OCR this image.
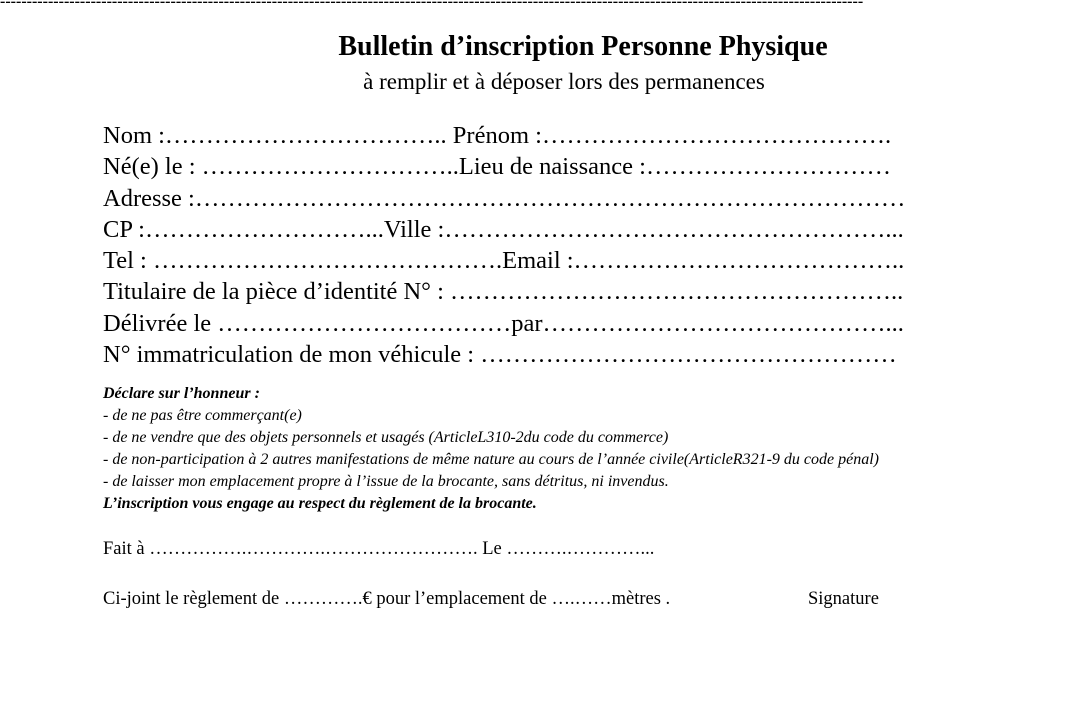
------------------------------------------------------------------------------------------------------------------------------------------------------------------
Bulletin d’inscription Personne Physique
à remplir et à déposer lors des permanences
Nom :…………………………….. Prénom :…………………………………….
Né(e) le : …………………………..Lieu de naissance :…………………………
Adresse :……………………………………………………………………………
CP :………………………...Ville :………………………………………………...
Tel : …………………………………….Email :…………………………………..
Titulaire de la pièce d’identité N° : ………………………………………………..
Délivrée le ………………………………par……………………………………...
N° immatriculation de mon véhicule : ……………………………………………
Déclare sur l’honneur :
- de ne pas être commerçant(e)
- de ne vendre que des objets personnels et usagés (ArticleL310-2du code du commerce)
- de non-participation à 2 autres manifestations de même nature au cours de l’année civile(ArticleR321-9 du code pénal)
- de laisser mon emplacement propre à l’issue de la brocante, sans détritus, ni invendus.
L’inscription vous engage au respect du règlement de la brocante.
Fait à …………….………….……………………. Le ……….…………...
Ci-joint le règlement de ………….€ pour l’emplacement de ….……mètres .	Signature
